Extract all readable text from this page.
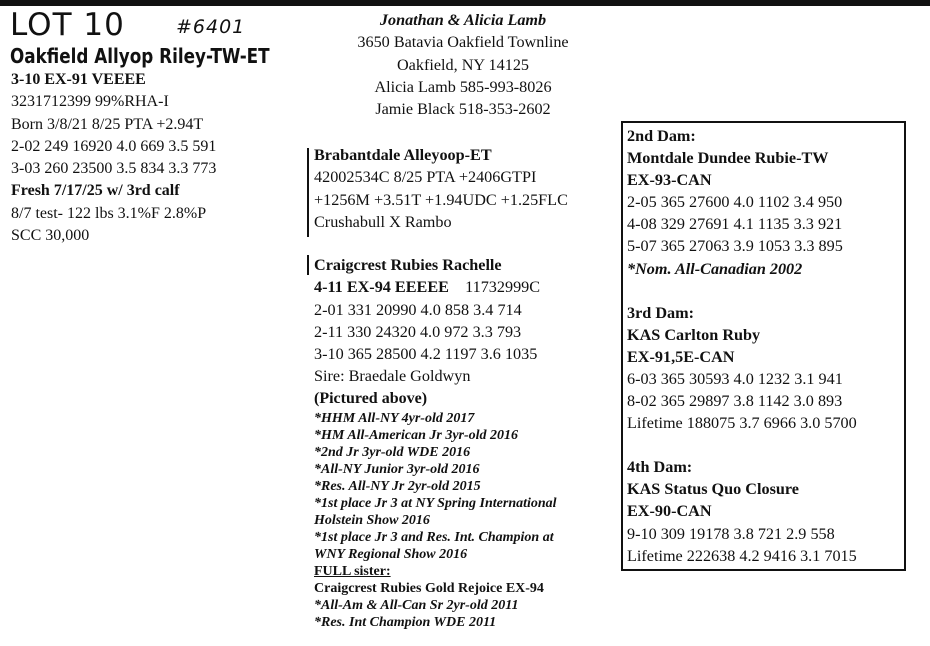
LOT 10	#6401
Oakfield Allyop Riley-TW-ET
3-10 EX-91 VEEEE
3231712399 99%RHA-I
Born 3/8/21 8/25 PTA +2.94T
2-02 249 16920 4.0 669 3.5 591
3-03 260 23500 3.5 834 3.3 773
Fresh 7/17/25 w/ 3rd calf
8/7 test- 122 lbs 3.1%F 2.8%P
SCC 30,000
Jonathan & Alicia Lamb
3650 Batavia Oakfield Townline
Oakfield, NY 14125
Alicia Lamb 585-993-8026
Jamie Black 518-353-2602
Brabantdale Alleyoop-ET
42002534C 8/25 PTA +2406GTPI
+1256M +3.51T +1.94UDC +1.25FLC
Crushabull X Rambo
Craigcrest Rubies Rachelle
4-11 EX-94 EEEEE 11732999C
2-01 331 20990 4.0 858 3.4 714
2-11 330 24320 4.0 972 3.3 793
3-10 365 28500 4.2 1197 3.6 1035
Sire: Braedale Goldwyn
(Pictured above)
*HHM All-NY 4yr-old 2017
*HM All-American Jr 3yr-old 2016
*2nd Jr 3yr-old WDE 2016
*All-NY Junior 3yr-old 2016
*Res. All-NY Jr 2yr-old 2015
*1st place Jr 3 at NY Spring International
Holstein Show 2016
*1st place Jr 3 and Res. Int. Champion at
WNY Regional Show 2016
FULL sister:
Craigcrest Rubies Gold Rejoice EX-94
*All-Am & All-Can Sr 2yr-old 2011
*Res. Int Champion WDE 2011
2nd Dam:
Montdale Dundee Rubie-TW
EX-93-CAN
2-05 365 27600 4.0 1102 3.4 950
4-08 329 27691 4.1 1135 3.3 921
5-07 365 27063 3.9 1053 3.3 895
*Nom. All-Canadian 2002
3rd Dam:
KAS Carlton Ruby
EX-91,5E-CAN
6-03 365 30593 4.0 1232 3.1 941
8-02 365 29897 3.8 1142 3.0 893
Lifetime 188075 3.7 6966 3.0 5700
4th Dam:
KAS Status Quo Closure
EX-90-CAN
9-10 309 19178 3.8 721 2.9 558
Lifetime 222638 4.2 9416 3.1 7015
